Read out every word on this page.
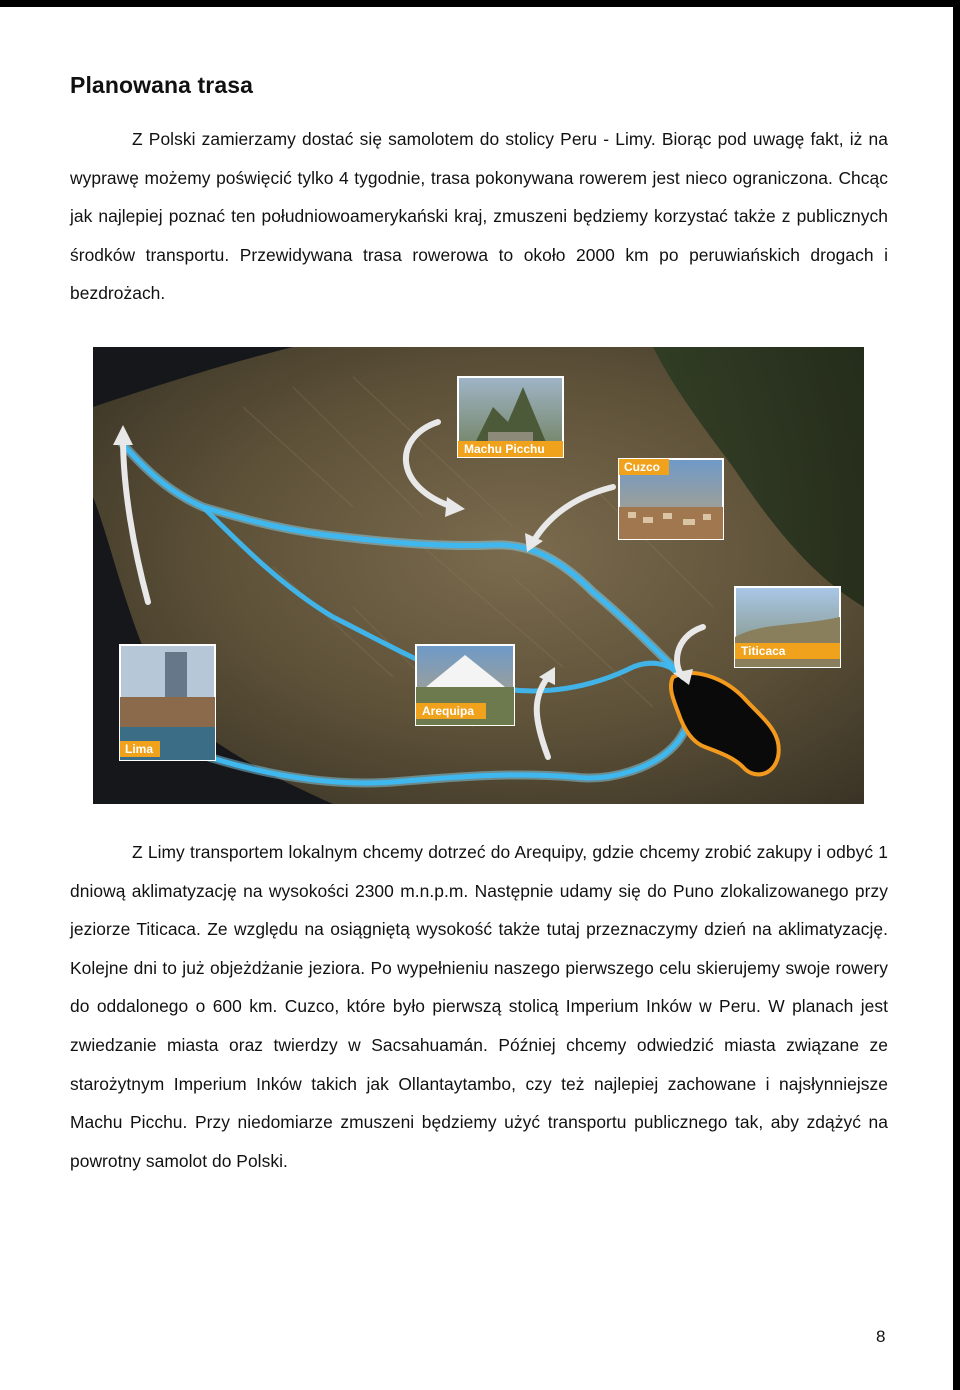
Planowana trasa

Z Polski zamierzamy dostać się samolotem do stolicy Peru - Limy. Biorąc pod uwagę fakt, iż na wyprawę możemy poświęcić tylko 4 tygodnie, trasa pokonywana rowerem jest nieco ograniczona. Chcąc jak najlepiej poznać ten południowoamerykański kraj, zmuszeni będziemy korzystać także z publicznych środków transportu. Przewidywana trasa rowerowa to około 2000 km po peruwiańskich drogach i bezdrożach.

Machu Picchu
Cuzco
Titicaca
Arequipa
Lima

Z Limy transportem lokalnym chcemy dotrzeć do Arequipy, gdzie chcemy zrobić zakupy i odbyć 1 dniową aklimatyzację na wysokości 2300 m.n.p.m. Następnie udamy się do Puno zlokalizowanego przy jeziorze Titicaca. Ze względu na osiągniętą wysokość także tutaj przeznaczymy dzień na aklimatyzację. Kolejne dni to już objeżdżanie jeziora. Po wypełnieniu naszego pierwszego celu skierujemy swoje rowery do oddalonego o 600 km. Cuzco, które było pierwszą stolicą Imperium Inków w Peru. W planach jest zwiedzanie miasta oraz twierdzy w Sacsahuamán. Później chcemy odwiedzić miasta związane ze starożytnym Imperium Inków takich jak Ollantaytambo, czy też najlepiej zachowane i najsłynniejsze Machu Picchu. Przy niedomiarze zmuszeni będziemy użyć transportu publicznego tak, aby zdążyć na powrotny samolot do Polski.

8
